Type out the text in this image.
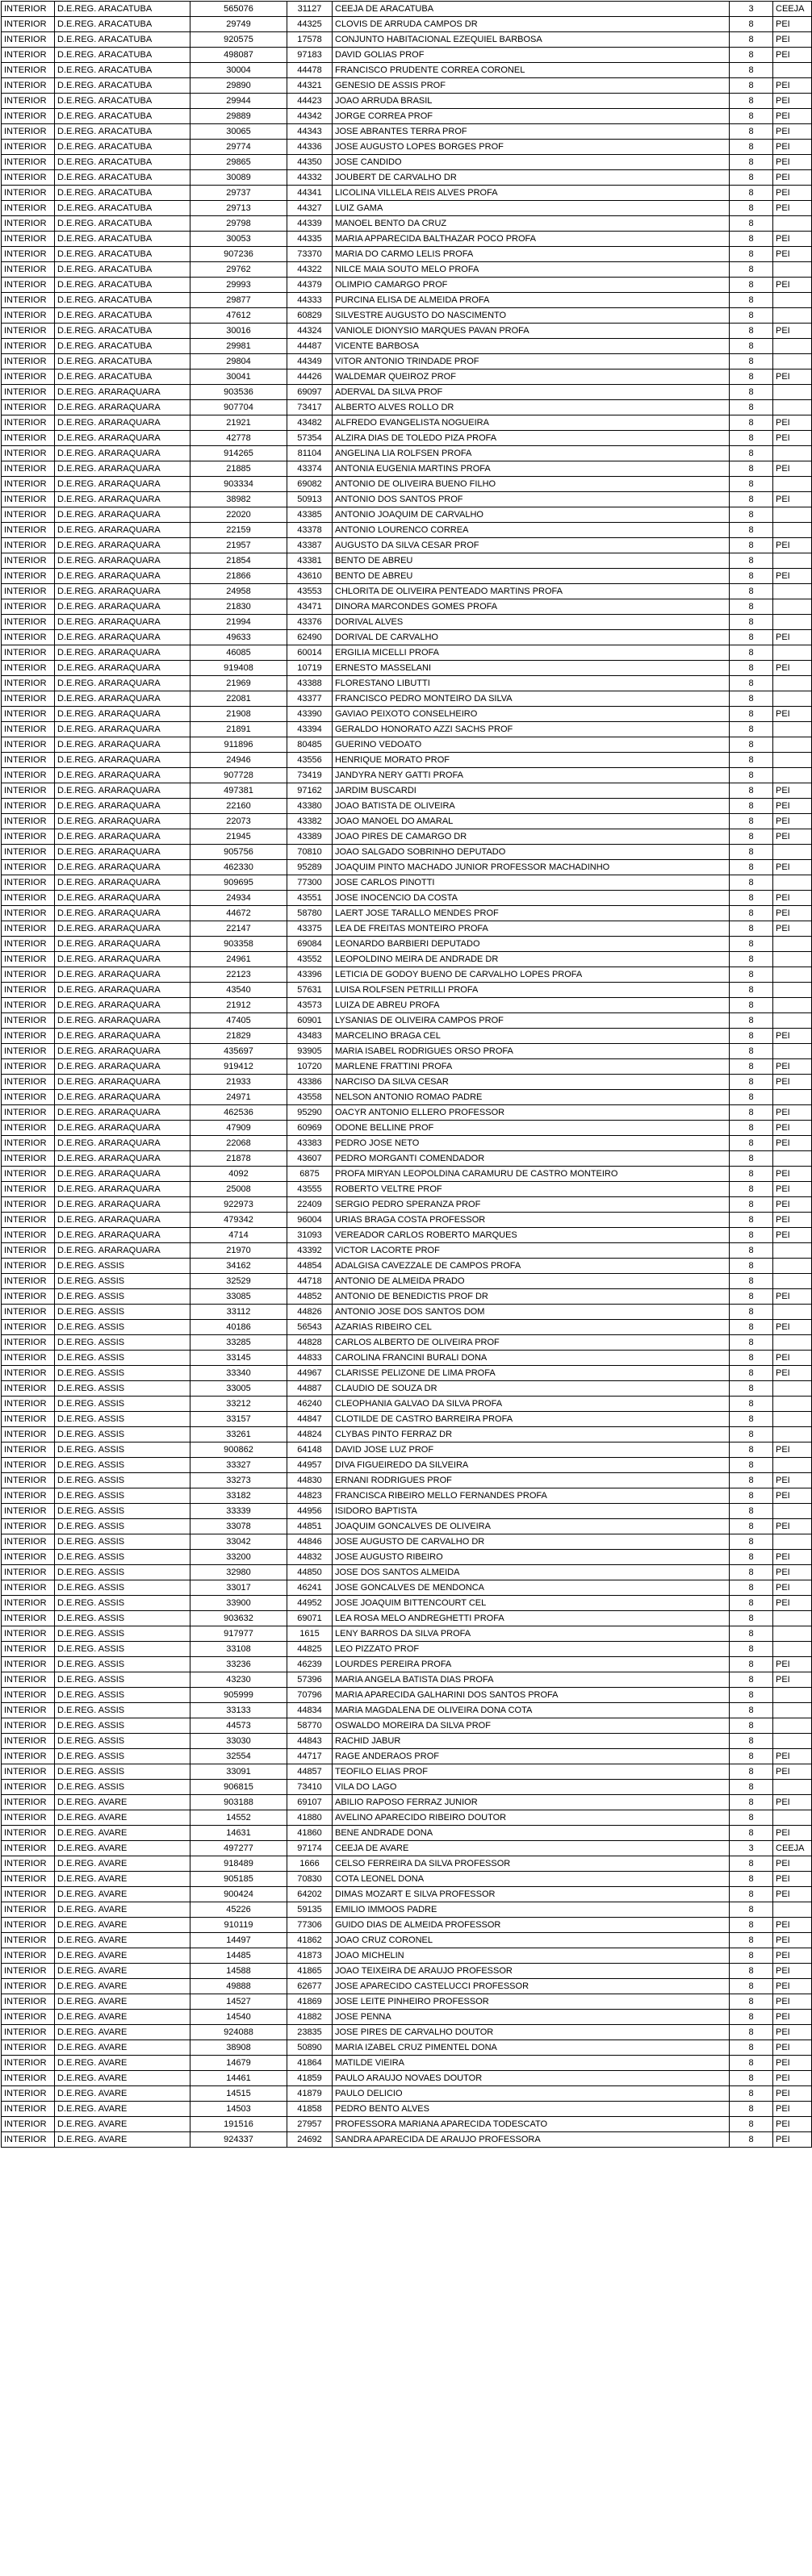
INTERIOR	D.E.REG. ARACATUBA	565076	31127	CEEJA DE ARACATUBA	3	CEEJA
INTERIOR	D.E.REG. ARACATUBA	29749	44325	CLOVIS DE ARRUDA CAMPOS DR	8	PEI
INTERIOR	D.E.REG. ARACATUBA	920575	17578	CONJUNTO HABITACIONAL EZEQUIEL BARBOSA	8	PEI
INTERIOR	D.E.REG. ARACATUBA	498087	97183	DAVID GOLIAS PROF	8	PEI
INTERIOR	D.E.REG. ARACATUBA	30004	44478	FRANCISCO PRUDENTE CORREA CORONEL	8	
INTERIOR	D.E.REG. ARACATUBA	29890	44321	GENESIO DE ASSIS PROF	8	PEI
INTERIOR	D.E.REG. ARACATUBA	29944	44423	JOAO ARRUDA BRASIL	8	PEI
INTERIOR	D.E.REG. ARACATUBA	29889	44342	JORGE CORREA PROF	8	PEI
INTERIOR	D.E.REG. ARACATUBA	30065	44343	JOSE ABRANTES TERRA PROF	8	PEI
INTERIOR	D.E.REG. ARACATUBA	29774	44336	JOSE AUGUSTO LOPES BORGES PROF	8	PEI
INTERIOR	D.E.REG. ARACATUBA	29865	44350	JOSE CANDIDO	8	PEI
INTERIOR	D.E.REG. ARACATUBA	30089	44332	JOUBERT DE CARVALHO DR	8	PEI
INTERIOR	D.E.REG. ARACATUBA	29737	44341	LICOLINA VILLELA REIS ALVES PROFA	8	PEI
INTERIOR	D.E.REG. ARACATUBA	29713	44327	LUIZ GAMA	8	PEI
INTERIOR	D.E.REG. ARACATUBA	29798	44339	MANOEL BENTO DA CRUZ	8	
INTERIOR	D.E.REG. ARACATUBA	30053	44335	MARIA APPARECIDA BALTHAZAR POCO PROFA	8	PEI
INTERIOR	D.E.REG. ARACATUBA	907236	73370	MARIA DO CARMO LELIS PROFA	8	PEI
INTERIOR	D.E.REG. ARACATUBA	29762	44322	NILCE MAIA SOUTO MELO PROFA	8	
INTERIOR	D.E.REG. ARACATUBA	29993	44379	OLIMPIO CAMARGO PROF	8	PEI
INTERIOR	D.E.REG. ARACATUBA	29877	44333	PURCINA ELISA DE ALMEIDA PROFA	8	
INTERIOR	D.E.REG. ARACATUBA	47612	60829	SILVESTRE AUGUSTO DO NASCIMENTO	8	
INTERIOR	D.E.REG. ARACATUBA	30016	44324	VANIOLE DIONYSIO MARQUES PAVAN PROFA	8	PEI
INTERIOR	D.E.REG. ARACATUBA	29981	44487	VICENTE BARBOSA	8	
INTERIOR	D.E.REG. ARACATUBA	29804	44349	VITOR ANTONIO TRINDADE PROF	8	
INTERIOR	D.E.REG. ARACATUBA	30041	44426	WALDEMAR QUEIROZ PROF	8	PEI
INTERIOR	D.E.REG. ARARAQUARA	903536	69097	ADERVAL DA SILVA PROF	8	
INTERIOR	D.E.REG. ARARAQUARA	907704	73417	ALBERTO ALVES ROLLO DR	8	
INTERIOR	D.E.REG. ARARAQUARA	21921	43482	ALFREDO EVANGELISTA NOGUEIRA	8	PEI
INTERIOR	D.E.REG. ARARAQUARA	42778	57354	ALZIRA DIAS DE TOLEDO PIZA PROFA	8	PEI
INTERIOR	D.E.REG. ARARAQUARA	914265	81104	ANGELINA LIA ROLFSEN PROFA	8	
INTERIOR	D.E.REG. ARARAQUARA	21885	43374	ANTONIA EUGENIA MARTINS PROFA	8	PEI
INTERIOR	D.E.REG. ARARAQUARA	903334	69082	ANTONIO DE OLIVEIRA BUENO FILHO	8	
INTERIOR	D.E.REG. ARARAQUARA	38982	50913	ANTONIO DOS SANTOS PROF	8	PEI
INTERIOR	D.E.REG. ARARAQUARA	22020	43385	ANTONIO JOAQUIM DE CARVALHO	8	
INTERIOR	D.E.REG. ARARAQUARA	22159	43378	ANTONIO LOURENCO CORREA	8	
INTERIOR	D.E.REG. ARARAQUARA	21957	43387	AUGUSTO DA SILVA CESAR PROF	8	PEI
INTERIOR	D.E.REG. ARARAQUARA	21854	43381	BENTO DE ABREU	8	
INTERIOR	D.E.REG. ARARAQUARA	21866	43610	BENTO DE ABREU	8	PEI
INTERIOR	D.E.REG. ARARAQUARA	24958	43553	CHLORITA DE OLIVEIRA PENTEADO MARTINS PROFA	8	
INTERIOR	D.E.REG. ARARAQUARA	21830	43471	DINORA MARCONDES GOMES PROFA	8	
INTERIOR	D.E.REG. ARARAQUARA	21994	43376	DORIVAL ALVES	8	
INTERIOR	D.E.REG. ARARAQUARA	49633	62490	DORIVAL DE CARVALHO	8	PEI
INTERIOR	D.E.REG. ARARAQUARA	46085	60014	ERGILIA MICELLI PROFA	8	
INTERIOR	D.E.REG. ARARAQUARA	919408	10719	ERNESTO MASSELANI	8	PEI
INTERIOR	D.E.REG. ARARAQUARA	21969	43388	FLORESTANO LIBUTTI	8	
INTERIOR	D.E.REG. ARARAQUARA	22081	43377	FRANCISCO PEDRO MONTEIRO DA SILVA	8	
INTERIOR	D.E.REG. ARARAQUARA	21908	43390	GAVIAO PEIXOTO CONSELHEIRO	8	PEI
INTERIOR	D.E.REG. ARARAQUARA	21891	43394	GERALDO HONORATO AZZI SACHS PROF	8	
INTERIOR	D.E.REG. ARARAQUARA	911896	80485	GUERINO VEDOATO	8	
INTERIOR	D.E.REG. ARARAQUARA	24946	43556	HENRIQUE MORATO PROF	8	
INTERIOR	D.E.REG. ARARAQUARA	907728	73419	JANDYRA NERY GATTI PROFA	8	
INTERIOR	D.E.REG. ARARAQUARA	497381	97162	JARDIM BUSCARDI	8	PEI
INTERIOR	D.E.REG. ARARAQUARA	22160	43380	JOAO BATISTA DE OLIVEIRA	8	PEI
INTERIOR	D.E.REG. ARARAQUARA	22073	43382	JOAO MANOEL DO AMARAL	8	PEI
INTERIOR	D.E.REG. ARARAQUARA	21945	43389	JOAO PIRES DE CAMARGO DR	8	PEI
INTERIOR	D.E.REG. ARARAQUARA	905756	70810	JOAO SALGADO SOBRINHO DEPUTADO	8	
INTERIOR	D.E.REG. ARARAQUARA	462330	95289	JOAQUIM PINTO MACHADO JUNIOR PROFESSOR MACHADINHO	8	PEI
INTERIOR	D.E.REG. ARARAQUARA	909695	77300	JOSE CARLOS PINOTTI	8	
INTERIOR	D.E.REG. ARARAQUARA	24934	43551	JOSE INOCENCIO DA COSTA	8	PEI
INTERIOR	D.E.REG. ARARAQUARA	44672	58780	LAERT JOSE TARALLO MENDES PROF	8	PEI
INTERIOR	D.E.REG. ARARAQUARA	22147	43375	LEA DE FREITAS MONTEIRO PROFA	8	PEI
INTERIOR	D.E.REG. ARARAQUARA	903358	69084	LEONARDO BARBIERI DEPUTADO	8	
INTERIOR	D.E.REG. ARARAQUARA	24961	43552	LEOPOLDINO MEIRA DE ANDRADE DR	8	
INTERIOR	D.E.REG. ARARAQUARA	22123	43396	LETICIA DE GODOY BUENO DE CARVALHO LOPES PROFA	8	
INTERIOR	D.E.REG. ARARAQUARA	43540	57631	LUISA ROLFSEN PETRILLI PROFA	8	
INTERIOR	D.E.REG. ARARAQUARA	21912	43573	LUIZA DE ABREU PROFA	8	
INTERIOR	D.E.REG. ARARAQUARA	47405	60901	LYSANIAS DE OLIVEIRA CAMPOS PROF	8	
INTERIOR	D.E.REG. ARARAQUARA	21829	43483	MARCELINO BRAGA CEL	8	PEI
INTERIOR	D.E.REG. ARARAQUARA	435697	93905	MARIA ISABEL RODRIGUES ORSO PROFA	8	
INTERIOR	D.E.REG. ARARAQUARA	919412	10720	MARLENE FRATTINI PROFA	8	PEI
INTERIOR	D.E.REG. ARARAQUARA	21933	43386	NARCISO DA SILVA CESAR	8	PEI
INTERIOR	D.E.REG. ARARAQUARA	24971	43558	NELSON ANTONIO ROMAO PADRE	8	
INTERIOR	D.E.REG. ARARAQUARA	462536	95290	OACYR ANTONIO ELLERO PROFESSOR	8	PEI
INTERIOR	D.E.REG. ARARAQUARA	47909	60969	ODONE BELLINE PROF	8	PEI
INTERIOR	D.E.REG. ARARAQUARA	22068	43383	PEDRO JOSE NETO	8	PEI
INTERIOR	D.E.REG. ARARAQUARA	21878	43607	PEDRO MORGANTI COMENDADOR	8	
INTERIOR	D.E.REG. ARARAQUARA	4092	6875	PROFA MIRYAN LEOPOLDINA CARAMURU DE CASTRO MONTEIRO	8	PEI
INTERIOR	D.E.REG. ARARAQUARA	25008	43555	ROBERTO VELTRE PROF	8	PEI
INTERIOR	D.E.REG. ARARAQUARA	922973	22409	SERGIO PEDRO SPERANZA PROF	8	PEI
INTERIOR	D.E.REG. ARARAQUARA	479342	96004	URIAS BRAGA COSTA PROFESSOR	8	PEI
INTERIOR	D.E.REG. ARARAQUARA	4714	31093	VEREADOR CARLOS ROBERTO MARQUES	8	PEI
INTERIOR	D.E.REG. ARARAQUARA	21970	43392	VICTOR LACORTE PROF	8	
INTERIOR	D.E.REG. ASSIS	34162	44854	ADALGISA CAVEZZALE DE CAMPOS PROFA	8	
INTERIOR	D.E.REG. ASSIS	32529	44718	ANTONIO DE ALMEIDA PRADO	8	
INTERIOR	D.E.REG. ASSIS	33085	44852	ANTONIO DE BENEDICTIS PROF DR	8	PEI
INTERIOR	D.E.REG. ASSIS	33112	44826	ANTONIO JOSE DOS SANTOS DOM	8	
INTERIOR	D.E.REG. ASSIS	40186	56543	AZARIAS RIBEIRO CEL	8	PEI
INTERIOR	D.E.REG. ASSIS	33285	44828	CARLOS ALBERTO DE OLIVEIRA PROF	8	
INTERIOR	D.E.REG. ASSIS	33145	44833	CAROLINA FRANCINI BURALI DONA	8	PEI
INTERIOR	D.E.REG. ASSIS	33340	44967	CLARISSE PELIZONE DE LIMA PROFA	8	PEI
INTERIOR	D.E.REG. ASSIS	33005	44887	CLAUDIO DE SOUZA DR	8	
INTERIOR	D.E.REG. ASSIS	33212	46240	CLEOPHANIA GALVAO DA SILVA PROFA	8	
INTERIOR	D.E.REG. ASSIS	33157	44847	CLOTILDE DE CASTRO BARREIRA PROFA	8	
INTERIOR	D.E.REG. ASSIS	33261	44824	CLYBAS PINTO FERRAZ DR	8	
INTERIOR	D.E.REG. ASSIS	900862	64148	DAVID JOSE LUZ PROF	8	PEI
INTERIOR	D.E.REG. ASSIS	33327	44957	DIVA FIGUEIREDO DA SILVEIRA	8	
INTERIOR	D.E.REG. ASSIS	33273	44830	ERNANI RODRIGUES PROF	8	PEI
INTERIOR	D.E.REG. ASSIS	33182	44823	FRANCISCA RIBEIRO MELLO FERNANDES PROFA	8	PEI
INTERIOR	D.E.REG. ASSIS	33339	44956	ISIDORO BAPTISTA	8	
INTERIOR	D.E.REG. ASSIS	33078	44851	JOAQUIM GONCALVES DE OLIVEIRA	8	PEI
INTERIOR	D.E.REG. ASSIS	33042	44846	JOSE AUGUSTO DE CARVALHO DR	8	
INTERIOR	D.E.REG. ASSIS	33200	44832	JOSE AUGUSTO RIBEIRO	8	PEI
INTERIOR	D.E.REG. ASSIS	32980	44850	JOSE DOS SANTOS ALMEIDA	8	PEI
INTERIOR	D.E.REG. ASSIS	33017	46241	JOSE GONCALVES DE MENDONCA	8	PEI
INTERIOR	D.E.REG. ASSIS	33900	44952	JOSE JOAQUIM BITTENCOURT CEL	8	PEI
INTERIOR	D.E.REG. ASSIS	903632	69071	LEA ROSA MELO ANDREGHETTI PROFA	8	
INTERIOR	D.E.REG. ASSIS	917977	1615	LENY BARROS DA SILVA PROFA	8	
INTERIOR	D.E.REG. ASSIS	33108	44825	LEO PIZZATO PROF	8	
INTERIOR	D.E.REG. ASSIS	33236	46239	LOURDES PEREIRA PROFA	8	PEI
INTERIOR	D.E.REG. ASSIS	43230	57396	MARIA ANGELA BATISTA DIAS PROFA	8	PEI
INTERIOR	D.E.REG. ASSIS	905999	70796	MARIA APARECIDA GALHARINI DOS SANTOS PROFA	8	
INTERIOR	D.E.REG. ASSIS	33133	44834	MARIA MAGDALENA DE OLIVEIRA DONA COTA	8	
INTERIOR	D.E.REG. ASSIS	44573	58770	OSWALDO MOREIRA DA SILVA PROF	8	
INTERIOR	D.E.REG. ASSIS	33030	44843	RACHID JABUR	8	
INTERIOR	D.E.REG. ASSIS	32554	44717	RAGE ANDERAOS PROF	8	PEI
INTERIOR	D.E.REG. ASSIS	33091	44857	TEOFILO ELIAS PROF	8	PEI
INTERIOR	D.E.REG. ASSIS	906815	73410	VILA DO LAGO	8	
INTERIOR	D.E.REG. AVARE	903188	69107	ABILIO RAPOSO FERRAZ JUNIOR	8	PEI
INTERIOR	D.E.REG. AVARE	14552	41880	AVELINO APARECIDO RIBEIRO DOUTOR	8	
INTERIOR	D.E.REG. AVARE	14631	41860	BENE ANDRADE DONA	8	PEI
INTERIOR	D.E.REG. AVARE	497277	97174	CEEJA DE AVARE	3	CEEJA
INTERIOR	D.E.REG. AVARE	918489	1666	CELSO FERREIRA DA SILVA PROFESSOR	8	PEI
INTERIOR	D.E.REG. AVARE	905185	70830	COTA LEONEL DONA	8	PEI
INTERIOR	D.E.REG. AVARE	900424	64202	DIMAS MOZART E SILVA PROFESSOR	8	PEI
INTERIOR	D.E.REG. AVARE	45226	59135	EMILIO IMMOOS PADRE	8	
INTERIOR	D.E.REG. AVARE	910119	77306	GUIDO DIAS DE ALMEIDA PROFESSOR	8	PEI
INTERIOR	D.E.REG. AVARE	14497	41862	JOAO CRUZ CORONEL	8	PEI
INTERIOR	D.E.REG. AVARE	14485	41873	JOAO MICHELIN	8	PEI
INTERIOR	D.E.REG. AVARE	14588	41865	JOAO TEIXEIRA DE ARAUJO PROFESSOR	8	PEI
INTERIOR	D.E.REG. AVARE	49888	62677	JOSE APARECIDO CASTELUCCI PROFESSOR	8	PEI
INTERIOR	D.E.REG. AVARE	14527	41869	JOSE LEITE PINHEIRO PROFESSOR	8	PEI
INTERIOR	D.E.REG. AVARE	14540	41882	JOSE PENNA	8	PEI
INTERIOR	D.E.REG. AVARE	924088	23835	JOSE PIRES DE CARVALHO DOUTOR	8	PEI
INTERIOR	D.E.REG. AVARE	38908	50890	MARIA IZABEL CRUZ PIMENTEL DONA	8	PEI
INTERIOR	D.E.REG. AVARE	14679	41864	MATILDE VIEIRA	8	PEI
INTERIOR	D.E.REG. AVARE	14461	41859	PAULO ARAUJO NOVAES DOUTOR	8	PEI
INTERIOR	D.E.REG. AVARE	14515	41879	PAULO DELICIO	8	PEI
INTERIOR	D.E.REG. AVARE	14503	41858	PEDRO BENTO ALVES	8	PEI
INTERIOR	D.E.REG. AVARE	191516	27957	PROFESSORA MARIANA APARECIDA TODESCATO	8	PEI
INTERIOR	D.E.REG. AVARE	924337	24692	SANDRA APARECIDA DE ARAUJO PROFESSORA	8	PEI
